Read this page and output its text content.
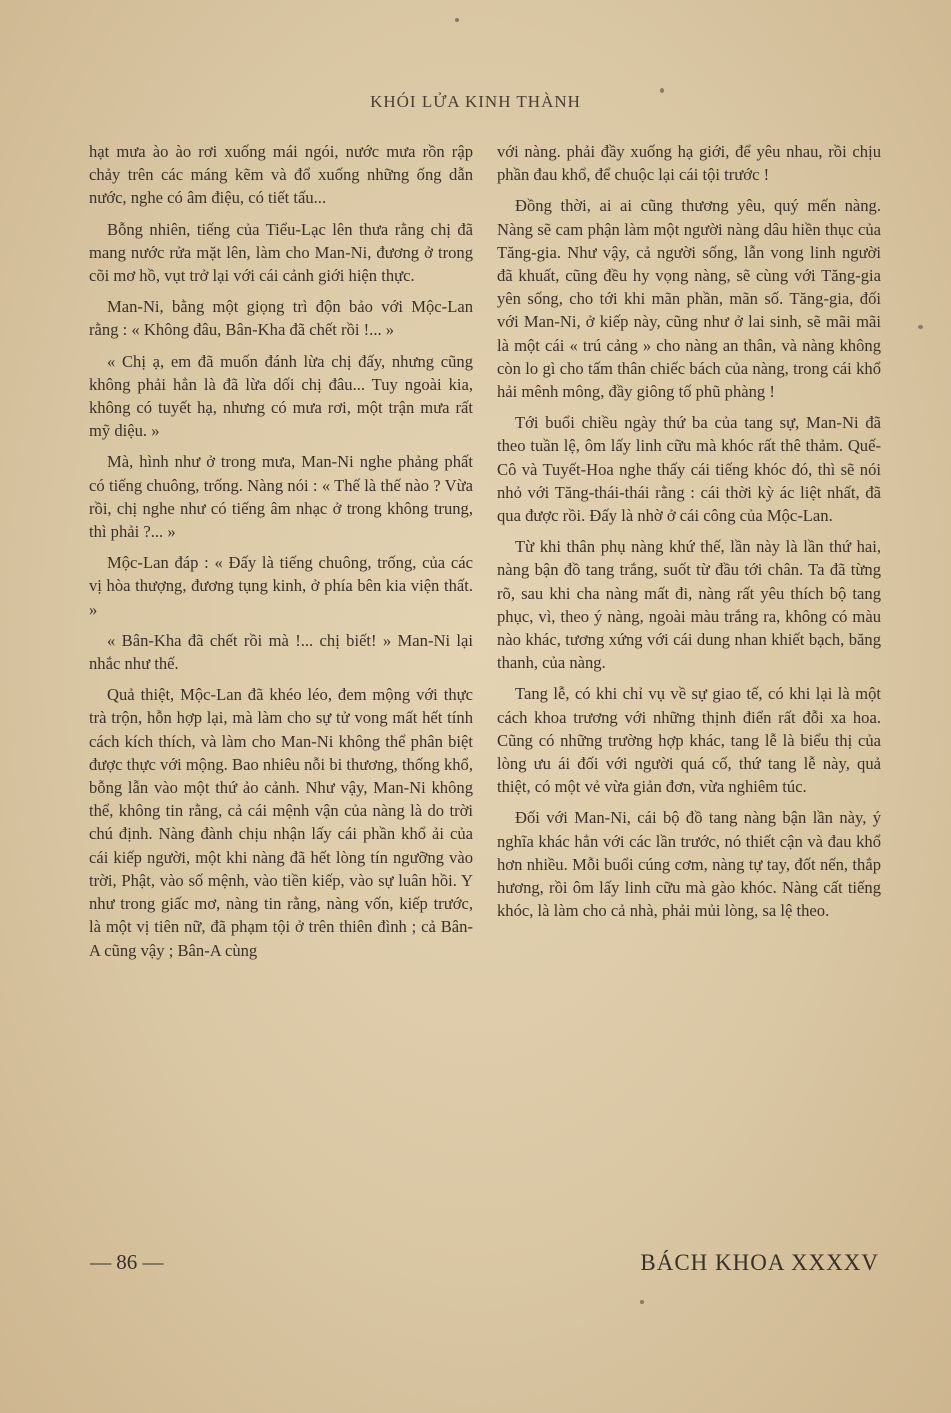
KHÓI LỬA KINH THÀNH

hạt mưa ào ào rơi xuống mái ngói, nước mưa rồn rập chảy trên các máng kẽm và đổ xuống những ống dẫn nước, nghe có âm điệu, có tiết tấu...

Bỗng nhiên, tiếng của Tiểu-Lạc lên thưa rằng chị đã mang nước rửa mặt lên, làm cho Man-Ni, đương ở trong cõi mơ hồ, vụt trở lại với cái cảnh giới hiện thực.

Man-Ni, bằng một giọng trì độn bảo với Mộc-Lan rằng : « Không đâu, Bân-Kha đã chết rồi !... »

« Chị ạ, em đã muốn đánh lừa chị đấy, nhưng cũng không phải hẳn là đã lừa dối chị đâu... Tuy ngoài kia, không có tuyết hạ, nhưng có mưa rơi, một trận mưa rất mỹ diệu. »

Mà, hình như ở trong mưa, Man-Ni nghe phảng phất có tiếng chuông, trống. Nàng nói : « Thế là thế nào ? Vừa rồi, chị nghe như có tiếng âm nhạc ở trong không trung, thì phải ?... »

Mộc-Lan đáp : « Đấy là tiếng chuông, trống, của các vị hòa thượng, đương tụng kinh, ở phía bên kia viện thất. »

« Bân-Kha đã chết rồi mà !... chị biết! » Man-Ni lại nhắc như thế.

Quả thiệt, Mộc-Lan đã khéo léo, đem mộng với thực trà trộn, hỗn hợp lại, mà làm cho sự tử vong mất hết tính cách kích thích, và làm cho Man-Ni không thể phân biệt được thực với mộng. Bao nhiêu nỗi bi thương, thống khổ, bỗng lẫn vào một thứ ảo cảnh. Như vậy, Man-Ni không thể, không tin rằng, cả cái mệnh vận của nàng là do trời chú định. Nàng đành chịu nhận lấy cái phần khổ ải của cái kiếp người, một khi nàng đã hết lòng tín ngưỡng vào trời, Phật, vào số mệnh, vào tiền kiếp, vào sự luân hồi. Y như trong giấc mơ, nàng tin rằng, nàng vốn, kiếp trước, là một vị tiên nữ, đã phạm tội ở trên thiên đình ; cả Bân-A cũng vậy ; Bân-A cùng

với nàng. phải đầy xuống hạ giới, để yêu nhau, rồi chịu phần đau khổ, để chuộc lại cái tội trước !

Đồng thời, ai ai cũng thương yêu, quý mến nàng. Nàng sẽ cam phận làm một người nàng dâu hiền thục của Tăng-gia. Như vậy, cả người sống, lẫn vong linh người đã khuất, cũng đều hy vọng nàng, sẽ cùng với Tăng-gia yên sống, cho tới khi mãn phần, mãn số. Tăng-gia, đối với Man-Ni, ở kiếp này, cũng như ở lai sinh, sẽ mãi mãi là một cái « trú cảng » cho nàng an thân, và nàng không còn lo gì cho tấm thân chiếc bách của nàng, trong cái khổ hải mênh mông, đầy giông tố phũ phàng !

Tới buổi chiều ngày thứ ba của tang sự, Man-Ni đã theo tuần lệ, ôm lấy linh cữu mà khóc rất thê thảm. Quế-Cô và Tuyết-Hoa nghe thấy cái tiếng khóc đó, thì sẽ nói nhỏ với Tăng-thái-thái rằng : cái thời kỳ ác liệt nhất, đã qua được rồi. Đấy là nhờ ở cái công của Mộc-Lan.

Từ khi thân phụ nàng khứ thế, lần này là lần thứ hai, nàng bận đồ tang trắng, suốt từ đầu tới chân. Ta đã từng rõ, sau khi cha nàng mất đi, nàng rất yêu thích bộ tang phục, vì, theo ý nàng, ngoài màu trắng ra, không có màu nào khác, tương xứng với cái dung nhan khiết bạch, băng thanh, của nàng.

Tang lễ, có khi chỉ vụ về sự giao tế, có khi lại là một cách khoa trương với những thịnh điển rất đỗi xa hoa. Cũng có những trường hợp khác, tang lễ là biểu thị của lòng ưu ái đối với người quá cố, thứ tang lễ này, quả thiệt, có một vẻ vừa giản đơn, vừa nghiêm túc.

Đối với Man-Ni, cái bộ đồ tang nàng bận lần này, ý nghĩa khác hẳn với các lần trước, nó thiết cận và đau khổ hơn nhiều. Mỗi buổi cúng cơm, nàng tự tay, đốt nến, thắp hương, rồi ôm lấy linh cữu mà gào khóc. Nàng cất tiếng khóc, là làm cho cả nhà, phải mủi lòng, sa lệ theo.

— 86 —	BÁCH KHOA XXXXV
